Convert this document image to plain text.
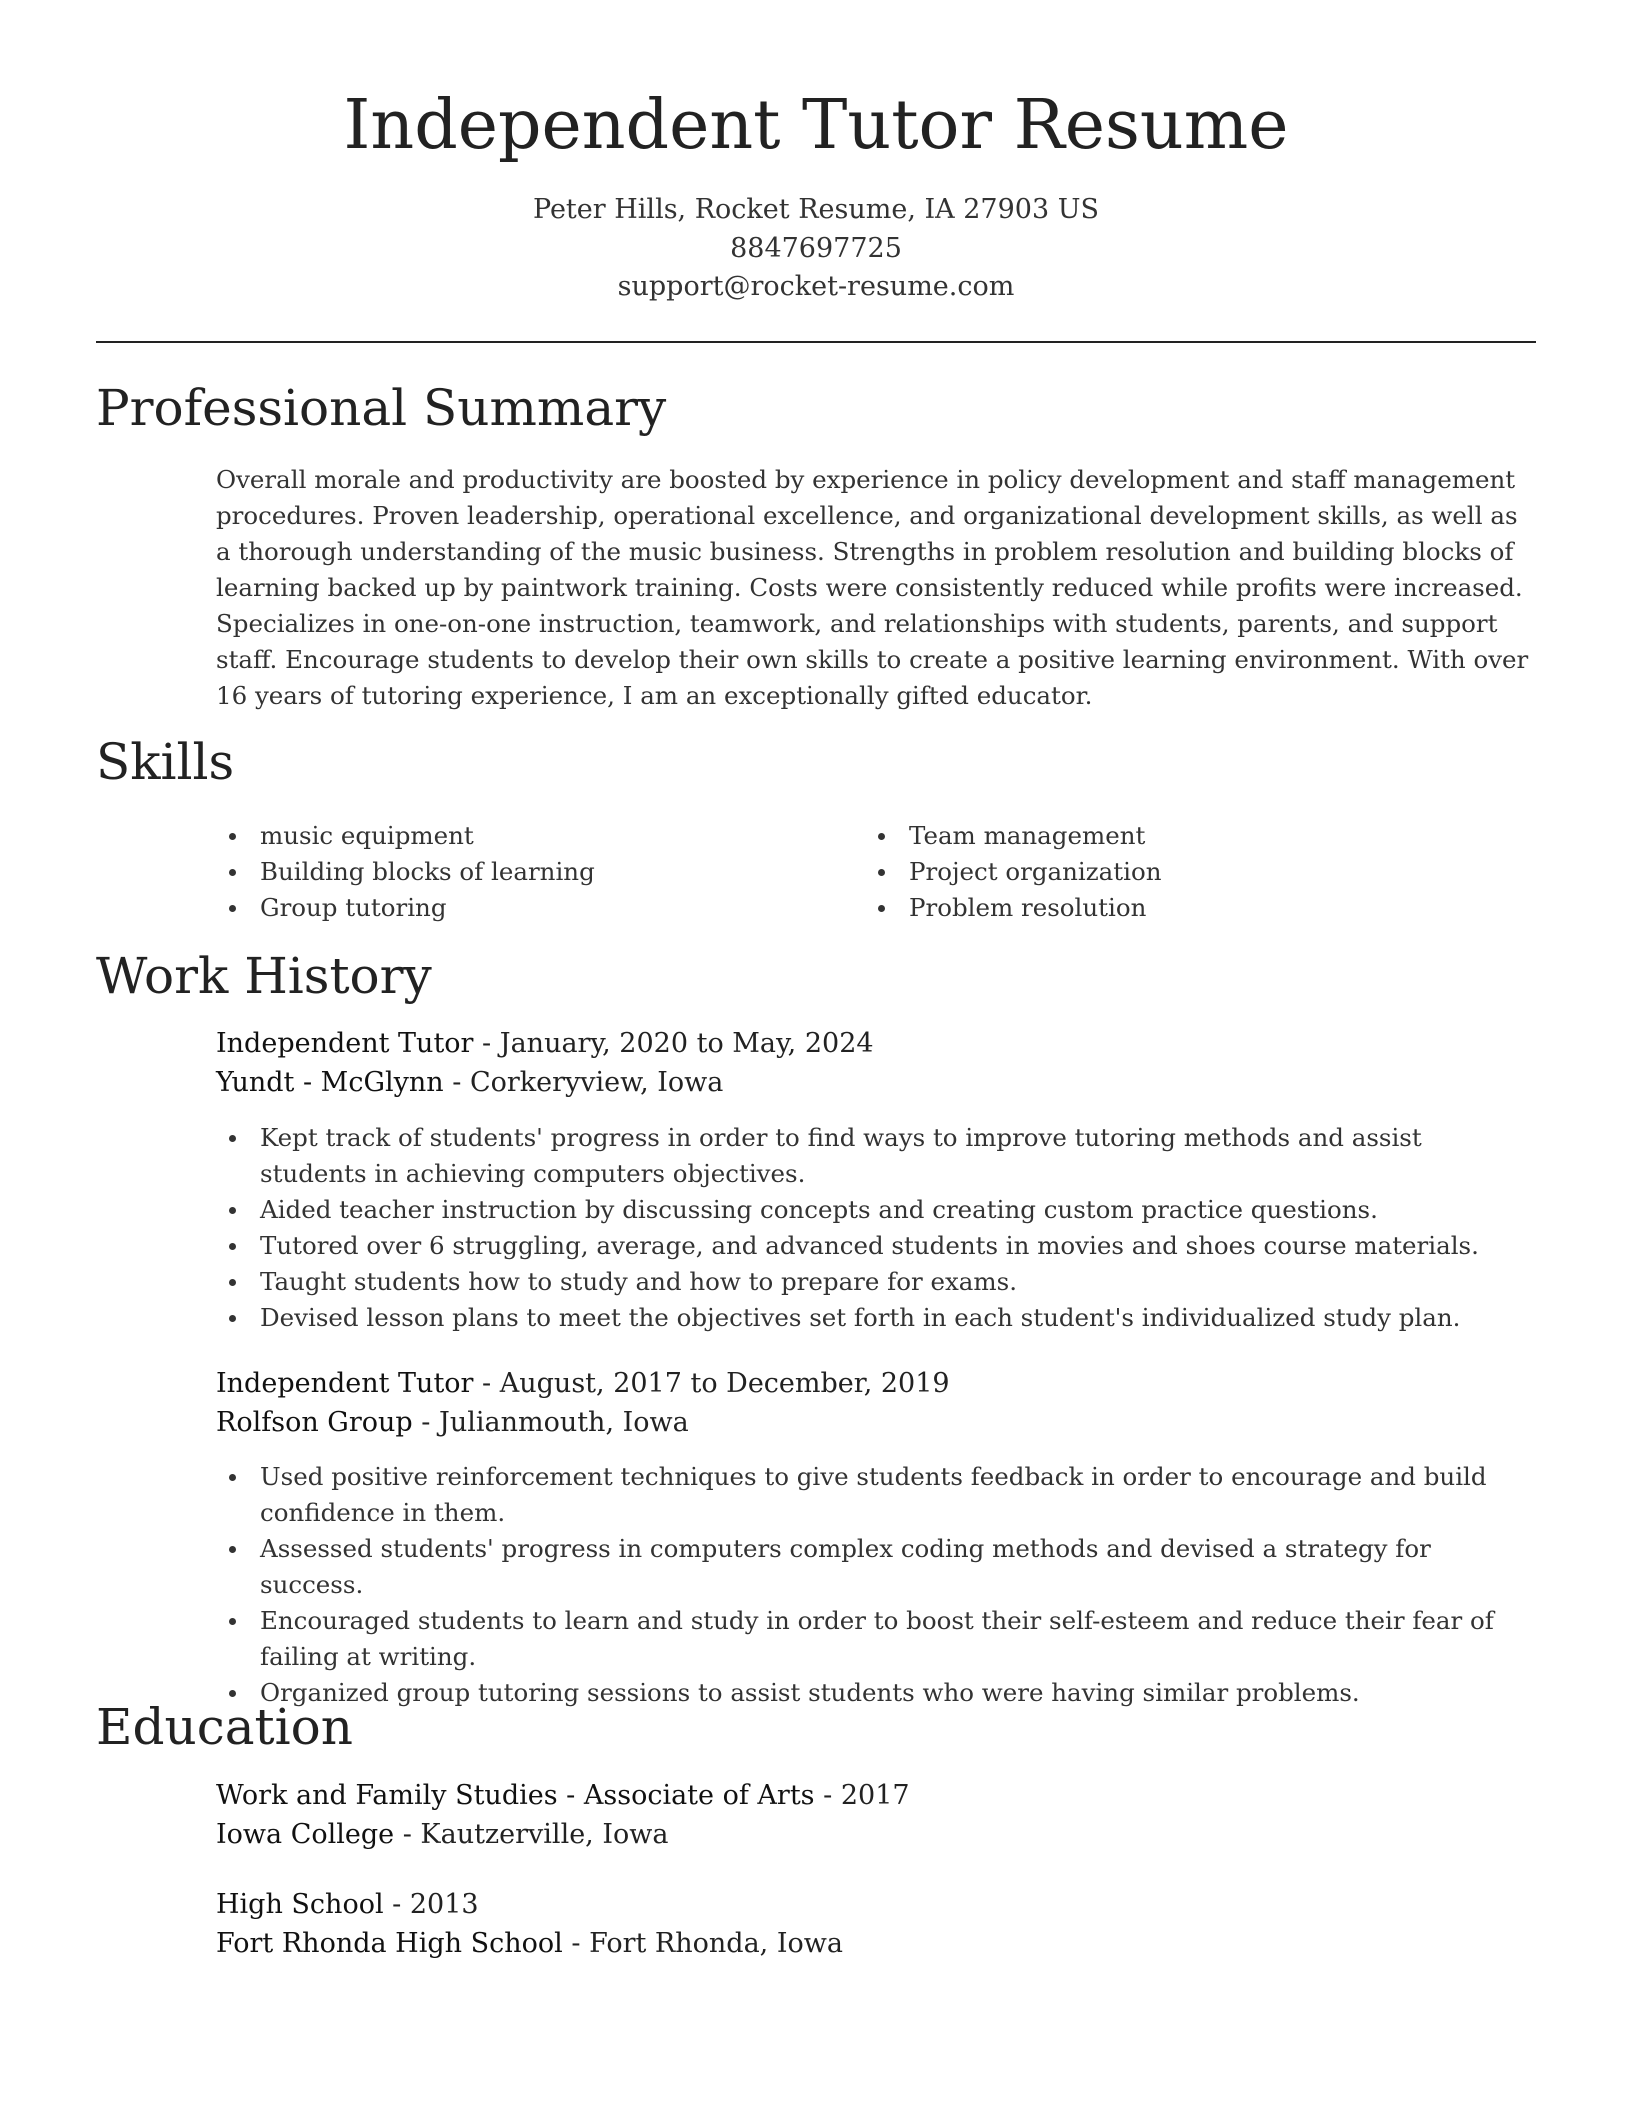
Independent Tutor Resume
Peter Hills, Rocket Resume, IA 27903 US
8847697725
support@rocket-resume.com
Professional Summary

Overall morale and productivity are boosted by experience in policy development and staff management procedures. Proven leadership, operational excellence, and organizational development skills, as well as a thorough understanding of the music business. Strengths in problem resolution and building blocks of learning backed up by paintwork training. Costs were consistently reduced while profits were increased. Specializes in one-on-one instruction, teamwork, and relationships with students, parents, and support staff. Encourage students to develop their own skills to create a positive learning environment. With over 16 years of tutoring experience, I am an exceptionally gifted educator.

Skills
music equipment
Building blocks of learning
Group tutoring
Team management
Project organization
Problem resolution
Work History
Independent Tutor - January, 2020 to May, 2024
Yundt - McGlynn - Corkeryview, Iowa
Kept track of students' progress in order to find ways to improve tutoring methods and assist students in achieving computers objectives.
Aided teacher instruction by discussing concepts and creating custom practice questions.
Tutored over 6 struggling, average, and advanced students in movies and shoes course materials.
Taught students how to study and how to prepare for exams.
Devised lesson plans to meet the objectives set forth in each student's individualized study plan.
Independent Tutor - August, 2017 to December, 2019
Rolfson Group - Julianmouth, Iowa
Used positive reinforcement techniques to give students feedback in order to encourage and build confidence in them.
Assessed students' progress in computers complex coding methods and devised a strategy for success.
Encouraged students to learn and study in order to boost their self-esteem and reduce their fear of failing at writing.
Organized group tutoring sessions to assist students who were having similar problems.
Education
Work and Family Studies - Associate of Arts - 2017
Iowa College - Kautzerville, Iowa
High School - 2013
Fort Rhonda High School - Fort Rhonda, Iowa
